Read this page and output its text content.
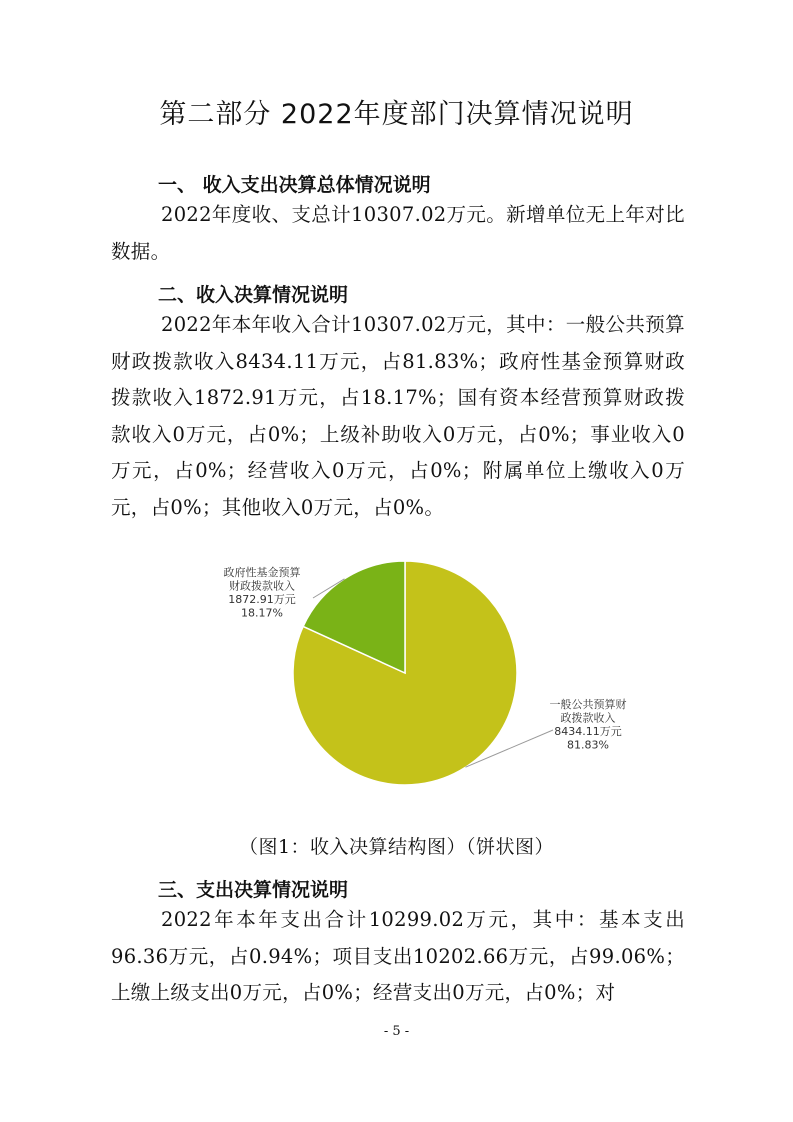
第二部分 2022年度部门决算情况说明
一、 收入支出决算总体情况说明

2022年度收、支总计10307.02万元。新增单位无上年对比数据。

二、收入决算情况说明

2022年本年收入合计10307.02万元，其中：一般公共预算财政拨款收入8434.11万元，占81.83%；政府性基金预算财政拨款收入1872.91万元，占18.17%；国有资本经营预算财政拨款收入0万元，占0%；上级补助收入0万元，占0%；事业收入0万元，占0%；经营收入0万元，占0%；附属单位上缴收入0万元，占0%；其他收入0万元，占0%。

一般公共预算财政拨款收入 8434.11万元 81.83%
政府性基金预算财政拨款收入 1872.91万元 18.17%
（图1：收入决算结构图）（饼状图）
三、支出决算情况说明

2022年本年支出合计10299.02万元，其中：基本支出96.36万元，占0.94%；项目支出10202.66万元，占99.06%；上缴上级支出0万元，占0%；经营支出0万元，占0%；对

- 5 -
